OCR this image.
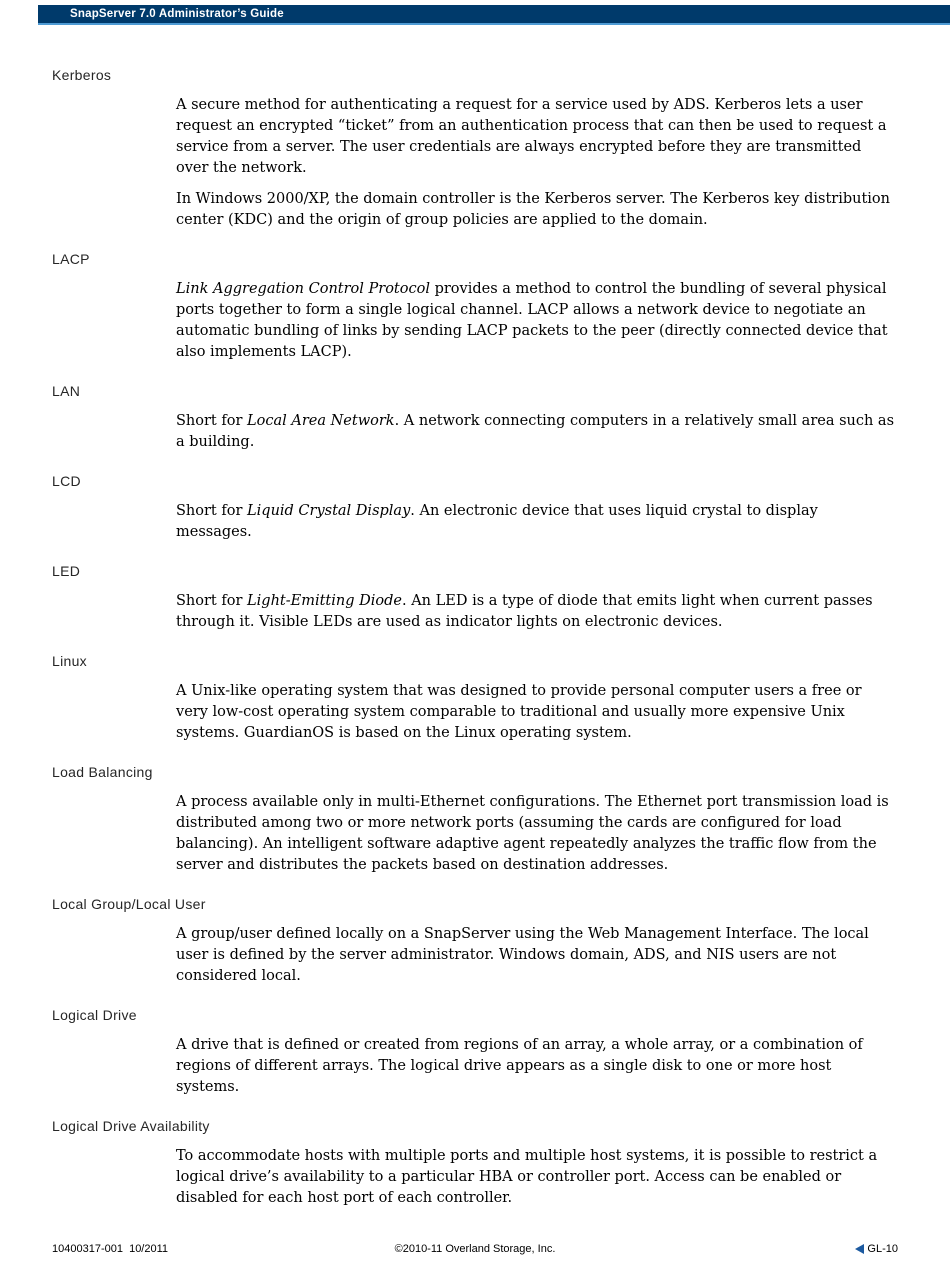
SnapServer 7.0 Administrator’s Guide
Kerberos

A secure method for authenticating a request for a service used by ADS. Kerberos lets a user request an encrypted “ticket” from an authentication process that can then be used to request a service from a server. The user credentials are always encrypted before they are transmitted over the network.

In Windows 2000/XP, the domain controller is the Kerberos server. The Kerberos key distribution center (KDC) and the origin of group policies are applied to the domain.

LACP

Link Aggregation Control Protocol provides a method to control the bundling of several physical ports together to form a single logical channel. LACP allows a network device to negotiate an automatic bundling of links by sending LACP packets to the peer (directly connected device that also implements LACP).

LAN

Short for Local Area Network. A network connecting computers in a relatively small area such as a building.

LCD

Short for Liquid Crystal Display. An electronic device that uses liquid crystal to display messages.

LED

Short for Light-Emitting Diode. An LED is a type of diode that emits light when current passes through it. Visible LEDs are used as indicator lights on electronic devices.

Linux

A Unix-like operating system that was designed to provide personal computer users a free or very low-cost operating system comparable to traditional and usually more expensive Unix systems. GuardianOS is based on the Linux operating system.

Load Balancing

A process available only in multi-Ethernet configurations. The Ethernet port transmission load is distributed among two or more network ports (assuming the cards are configured for load balancing). An intelligent software adaptive agent repeatedly analyzes the traffic flow from the server and distributes the packets based on destination addresses.

Local Group/Local User

A group/user defined locally on a SnapServer using the Web Management Interface. The local user is defined by the server administrator. Windows domain, ADS, and NIS users are not considered local.

Logical Drive

A drive that is defined or created from regions of an array, a whole array, or a combination of regions of different arrays. The logical drive appears as a single disk to one or more host systems.

Logical Drive Availability

To accommodate hosts with multiple ports and multiple host systems, it is possible to restrict a logical drive’s availability to a particular HBA or controller port. Access can be enabled or disabled for each host port of each controller.

10400317-001  10/2011	©2010-11 Overland Storage, Inc.	GL-10
